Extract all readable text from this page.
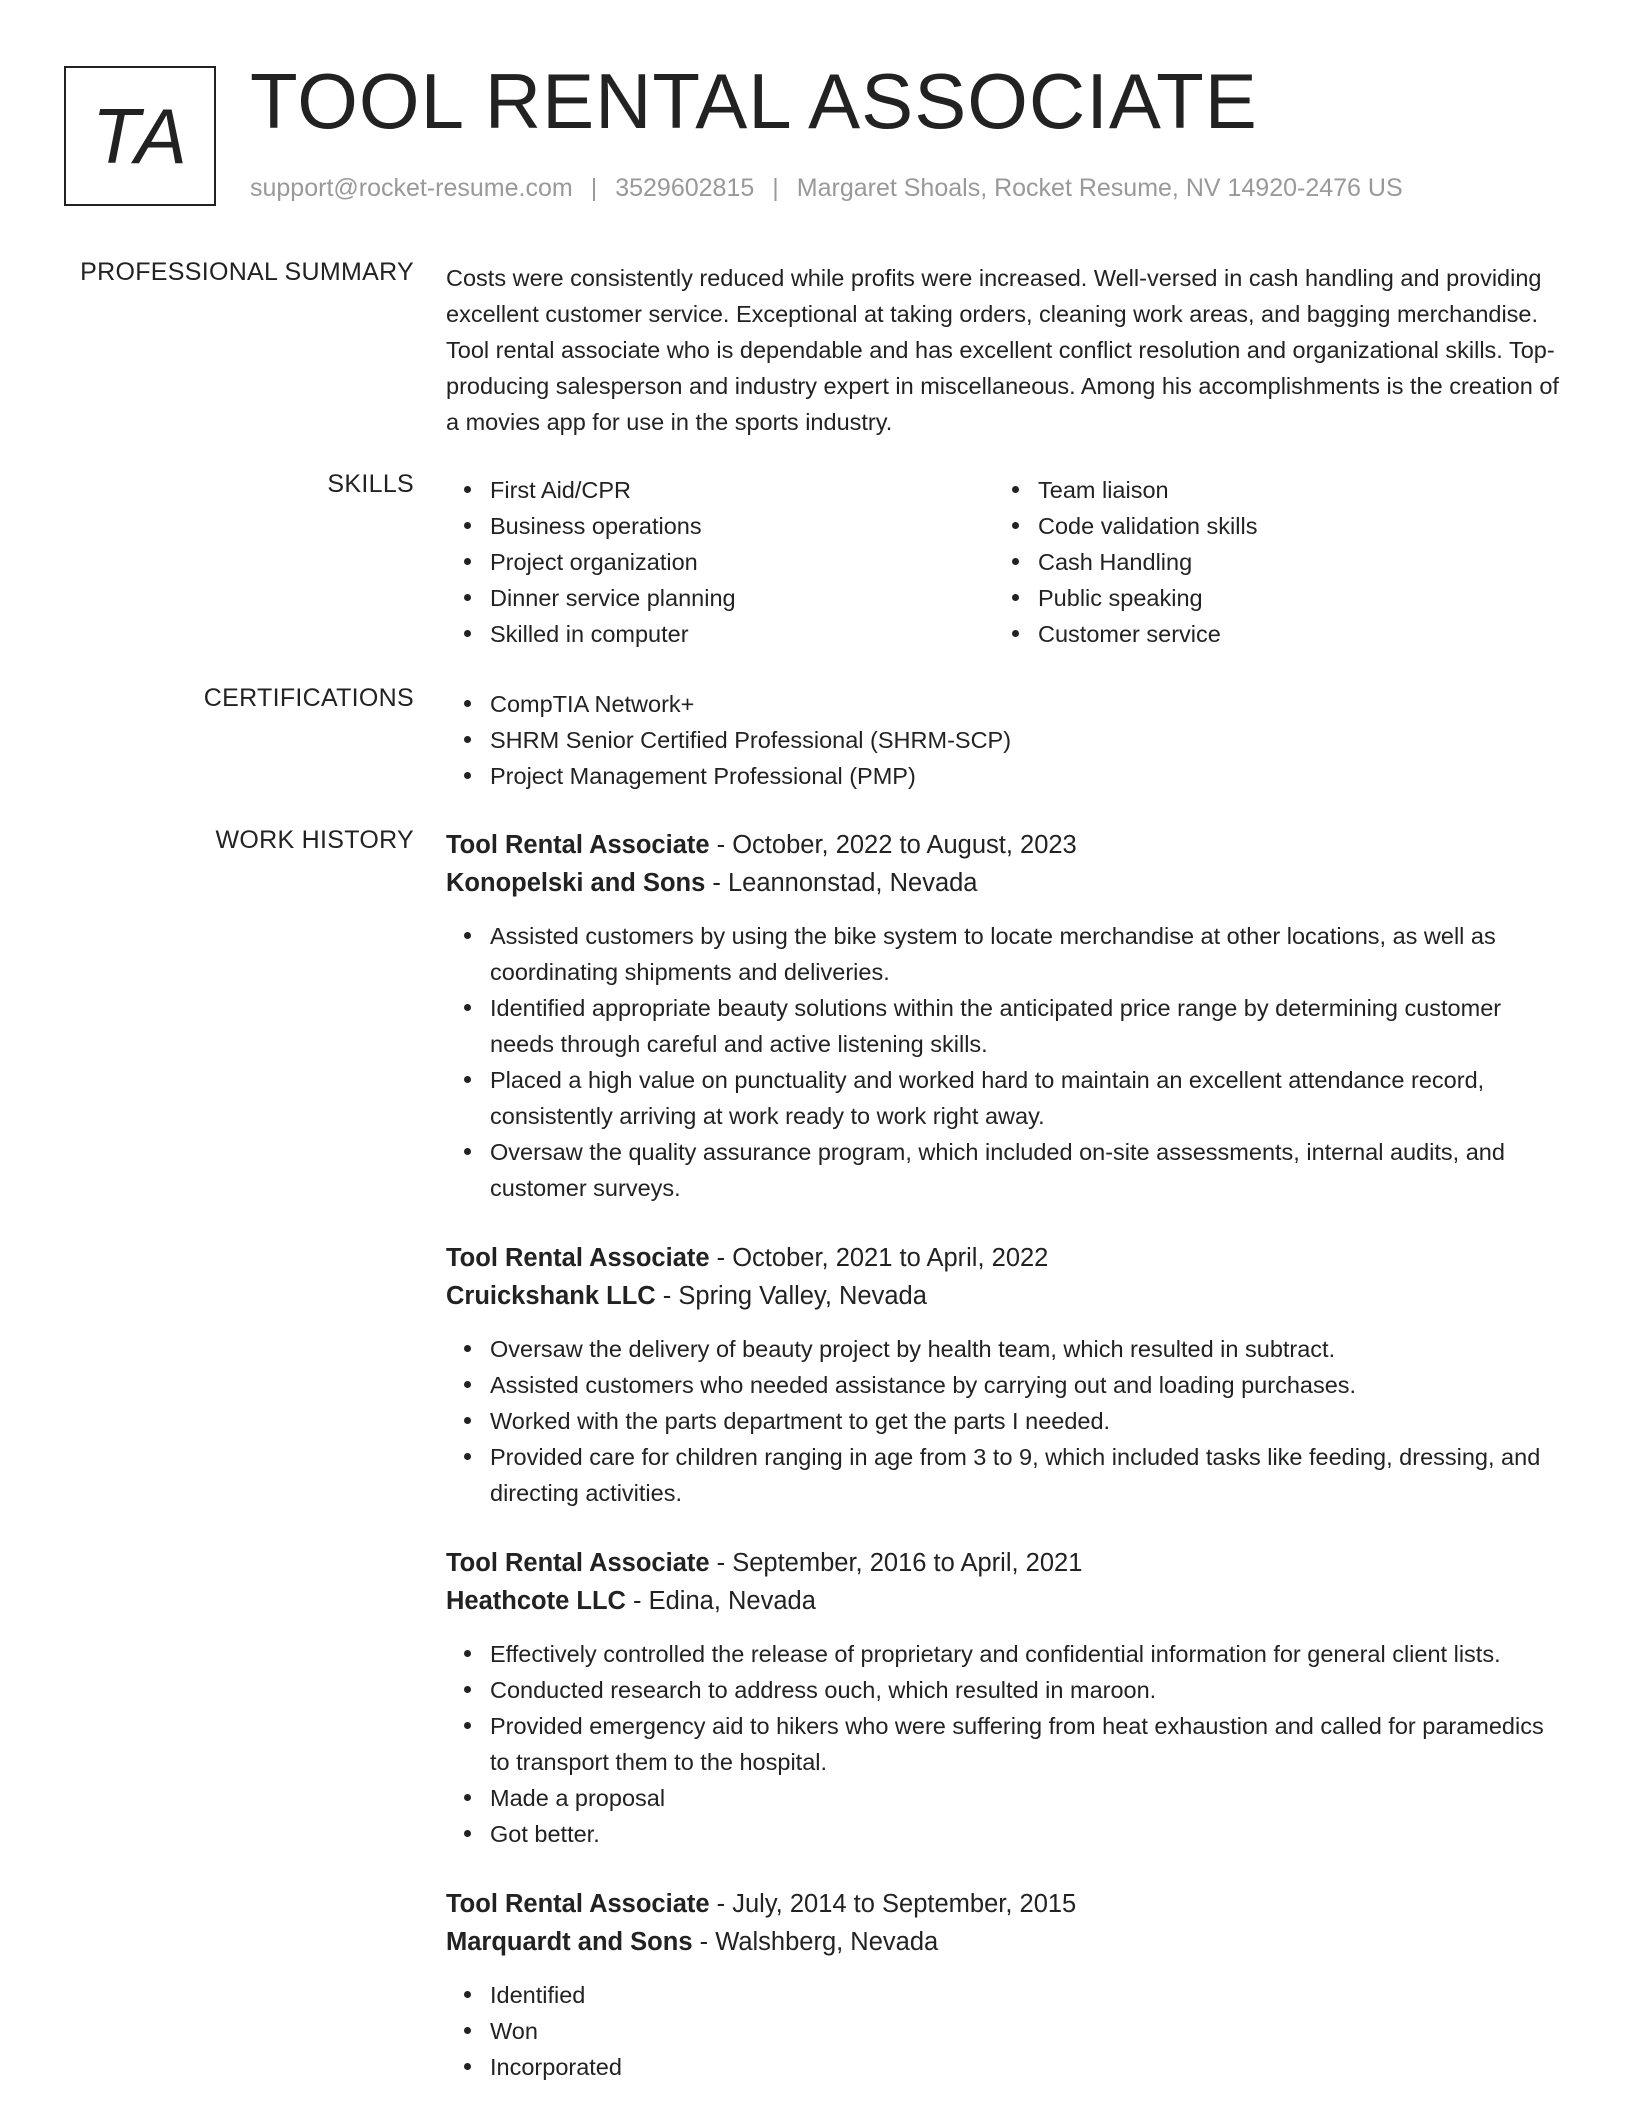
TA TOOL RENTAL ASSOCIATE
support@rocket-resume.com | 3529602815 | Margaret Shoals, Rocket Resume, NV 14920-2476 US
PROFESSIONAL SUMMARY Costs were consistently reduced while profits were increased. Well-versed in cash handling and providing excellent customer service. Exceptional at taking orders, cleaning work areas, and bagging merchandise. Tool rental associate who is dependable and has excellent conflict resolution and organizational skills. Top-producing salesperson and industry expert in miscellaneous. Among his accomplishments is the creation of a movies app for use in the sports industry.

SKILLS	First Aid/CPR
Business operations
Project organization
Dinner service planning
Skilled in computer
Team liaison
Code validation skills
Cash Handling
Public speaking
Customer service
CERTIFICATIONS	CompTIA Network+
SHRM Senior Certified Professional (SHRM-SCP)
Project Management Professional (PMP)
WORK HISTORY Tool Rental Associate - October, 2022 to August, 2023
Konopelski and Sons - Leannonstad, Nevada
Assisted customers by using the bike system to locate merchandise at other locations, as well as coordinating shipments and deliveries.
Identified appropriate beauty solutions within the anticipated price range by determining customer needs through careful and active listening skills.
Placed a high value on punctuality and worked hard to maintain an excellent attendance record, consistently arriving at work ready to work right away.
Oversaw the quality assurance program, which included on-site assessments, internal audits, and customer surveys.
Tool Rental Associate - October, 2021 to April, 2022
Cruickshank LLC - Spring Valley, Nevada
Oversaw the delivery of beauty project by health team, which resulted in subtract.
Assisted customers who needed assistance by carrying out and loading purchases.
Worked with the parts department to get the parts I needed.
Provided care for children ranging in age from 3 to 9, which included tasks like feeding, dressing, and directing activities.
Tool Rental Associate - September, 2016 to April, 2021
Heathcote LLC - Edina, Nevada
Effectively controlled the release of proprietary and confidential information for general client lists.
Conducted research to address ouch, which resulted in maroon.
Provided emergency aid to hikers who were suffering from heat exhaustion and called for paramedics to transport them to the hospital.
Made a proposal
Got better.
Tool Rental Associate - July, 2014 to September, 2015
Marquardt and Sons - Walshberg, Nevada
Identified
Won
Incorporated
